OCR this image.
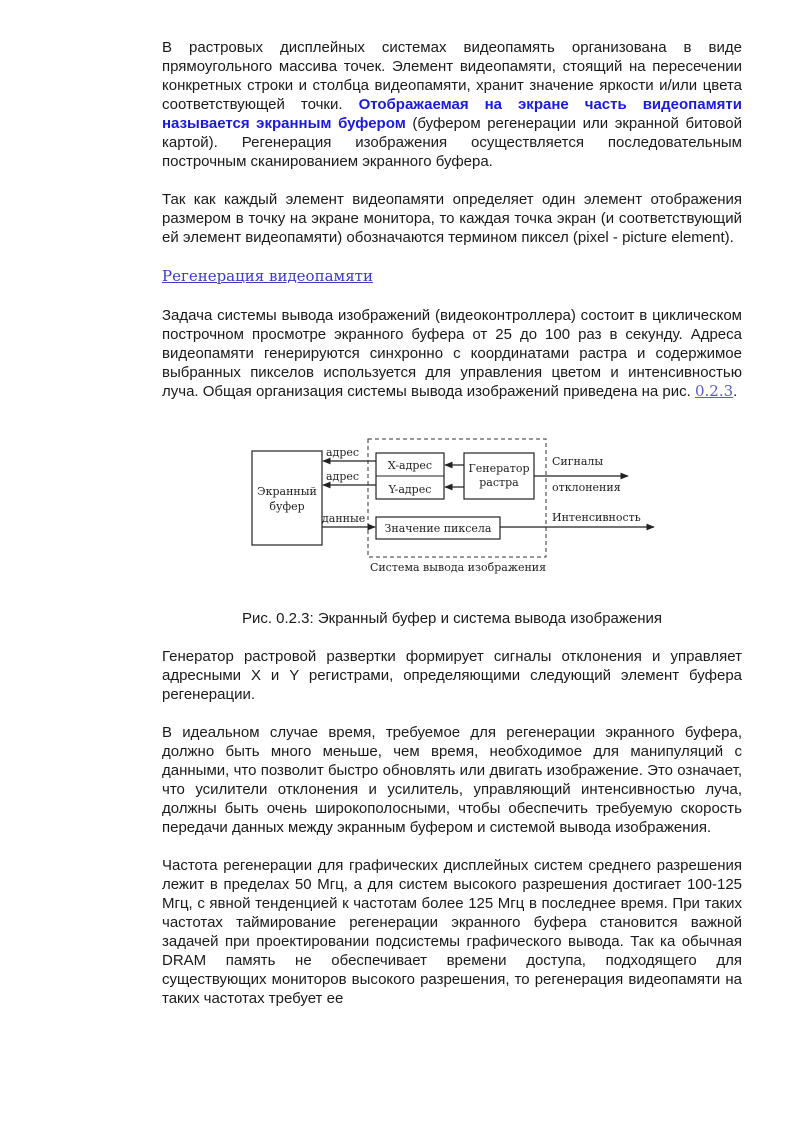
В растровых дисплейных системах видеопамять организована в виде прямоугольного массива точек. Элемент видеопамяти, стоящий на пересечении конкретных строки и столбца видеопамяти, хранит значение яркости и/или цвета соответствующей точки. Отображаемая на экране часть видеопамяти называется экранным буфером (буфером регенерации или экранной битовой картой). Регенерация изображения осуществляется последовательным построчным сканированием экранного буфера.

Так как каждый элемент видеопамяти определяет один элемент отображения размером в точку на экране монитора, то каждая точка экран (и соответствующий ей элемент видеопамяти) обозначаются термином пиксел (pixel - picture element).

Регенерация видеопамяти

Задача системы вывода изображений (видеоконтроллера) состоит в циклическом построчном просмотре экранного буфера от 25 до 100 раз в секунду. Адреса видеопамяти генерируются синхронно с координатами растра и содержимое выбранных пикселов используется для управления цветом и интенсивностью луча. Общая организация системы вывода изображений приведена на рис. 0.2.3.

Экранный
буфер
X-адрес
Y-адрес
Генератор
растра
Значение пиксела
адрес
адрес
данные
Сигналы
отклонения
Интенсивность
Система вывода изображения

Рис. 0.2.3: Экранный буфер и система вывода изображения

Генератор растровой развертки формирует сигналы отклонения и управляет адресными X и Y регистрами, определяющими следующий элемент буфера регенерации.

В идеальном случае время, требуемое для регенерации экранного буфера, должно быть много меньше, чем время, необходимое для манипуляций с данными, что позволит быстро обновлять или двигать изображение. Это означает, что усилители отклонения и усилитель, управляющий интенсивностью луча, должны быть очень широкополосными, чтобы обеспечить требуемую скорость передачи данных между экранным буфером и системой вывода изображения.

Частота регенерации для графических дисплейных систем среднего разрешения лежит в пределах 50 Мгц, а для систем высокого разрешения достигает 100-125 Мгц, с явной тенденцией к частотам более 125 Мгц в последнее время. При таких частотах таймирование регенерации экранного буфера становится важной задачей при проектировании подсистемы графического вывода. Так ка обычная DRAM память не обеспечивает времени доступа, подходящего для существующих мониторов высокого разрешения, то регенерация видеопамяти на таких частотах требует ее
